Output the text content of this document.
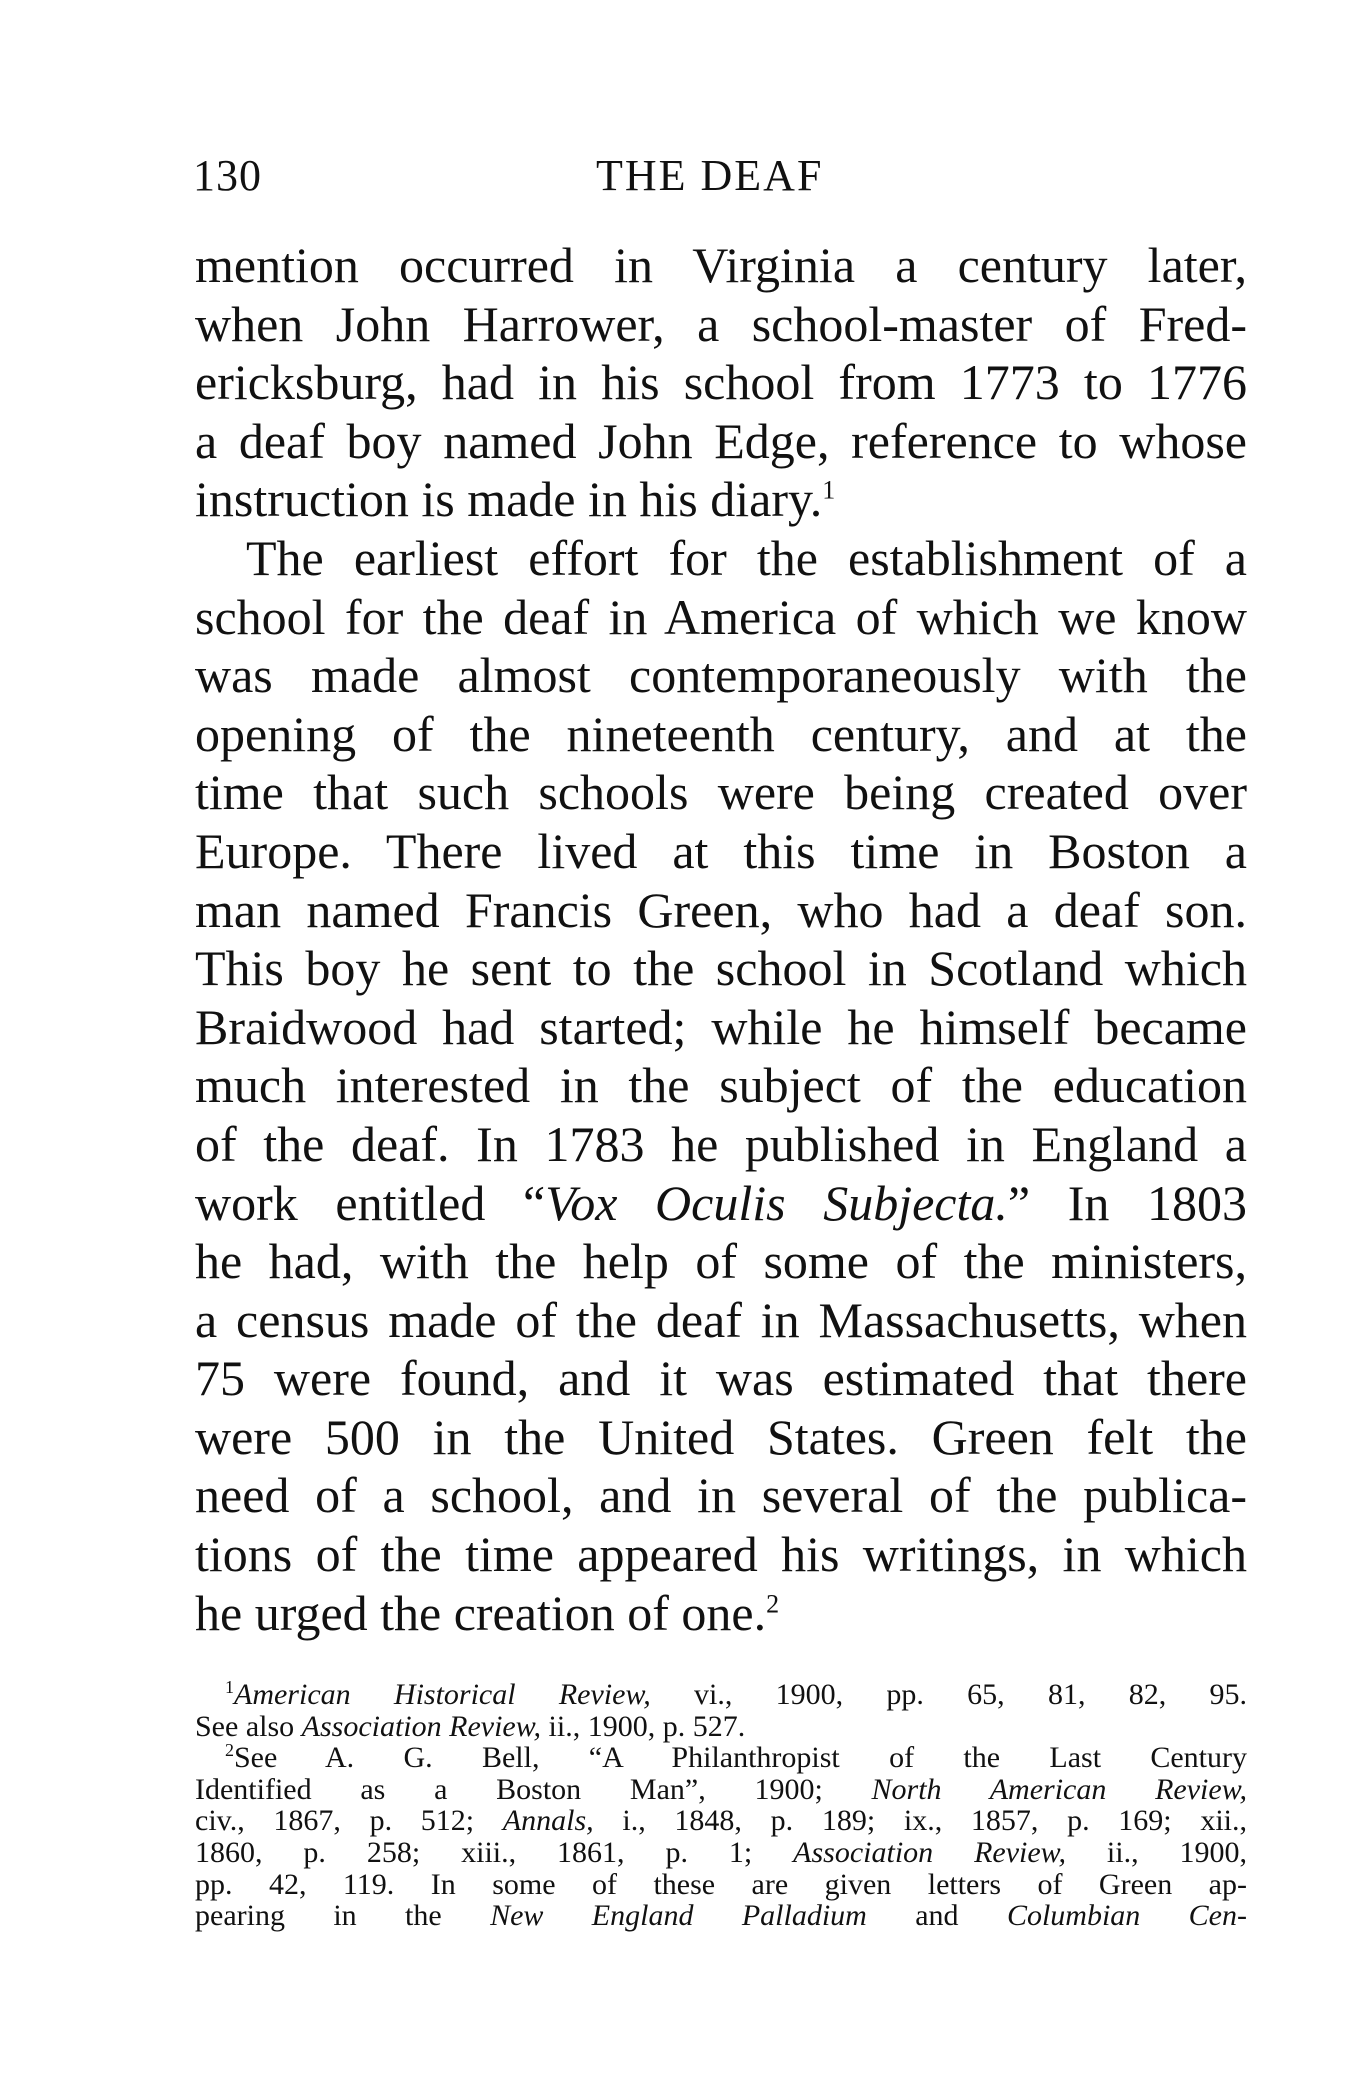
130	THE DEAF
mention occurred in Virginia a century later,
when John Harrower, a school-master of Fred-
ericksburg, had in his school from 1773 to 1776
a deaf boy named John Edge, reference to whose
instruction is made in his diary.$^1$
The earliest effort for the establishment of a
school for the deaf in America of which we know
was made almost contemporaneously with the
opening of the nineteenth century, and at the
time that such schools were being created over
Europe. There lived at this time in Boston a
man named Francis Green, who had a deaf son.
This boy he sent to the school in Scotland which
Braidwood had started; while he himself became
much interested in the subject of the education
of the deaf. In 1783 he published in England a
work entitled “Vox Oculis Subjecta.” In 1803
he had, with the help of some of the ministers,
a census made of the deaf in Massachusetts, when
75 were found, and it was estimated that there
were 500 in the United States. Green felt the
need of a school, and in several of the publica-
tions of the time appeared his writings, in which
he urged the creation of one.$^2$
$^1$American Historical Review, vi., 1900, pp. 65, 81, 82, 95.
See also Association Review, ii., 1900, p. 527.
$^2$See A. G. Bell, “A Philanthropist of the Last Century
Identified as a Boston Man”, 1900; North American Review,
civ., 1867, p. 512; Annals, i., 1848, p. 189; ix., 1857, p. 169; xii.,
1860, p. 258; xiii., 1861, p. 1; Association Review, ii., 1900,
pp. 42, 119. In some of these are given letters of Green ap-
pearing in the New England Palladium and Columbian Cen-
